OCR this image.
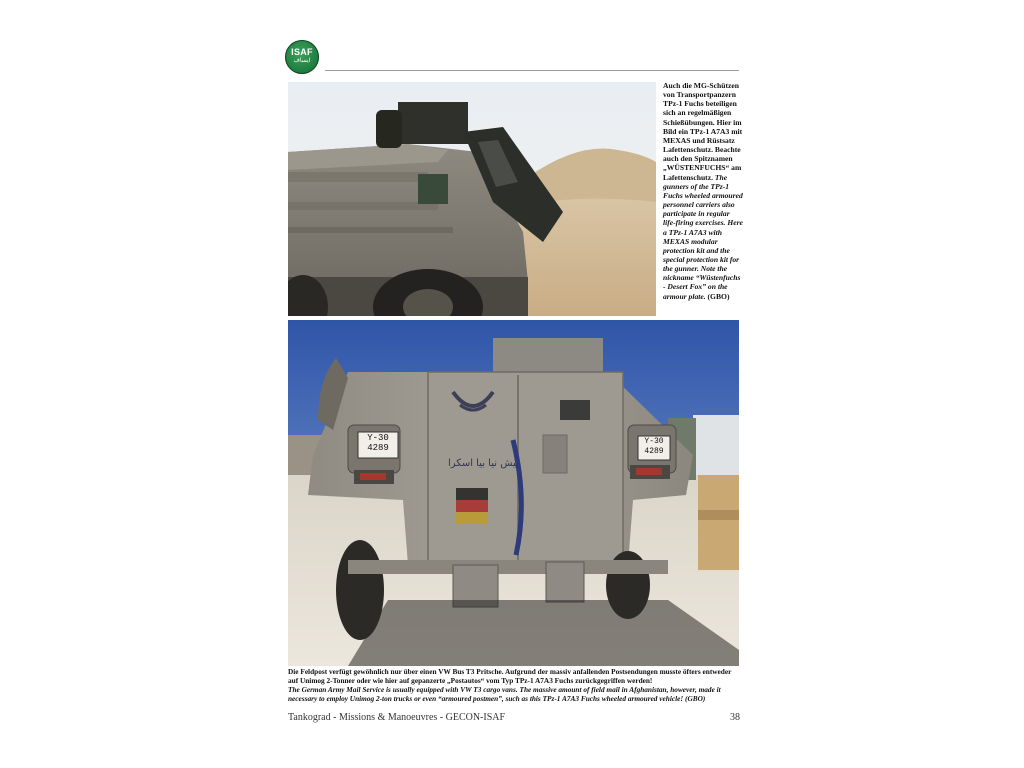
ISAF
ایساف
Auch die MG-Schützen von Transportpanzern TPz-1 Fuchs beteiligen sich an regelmäßigen Schießübungen. Hier im Bild ein TPz-1 A7A3 mit MEXAS und Rüstsatz Lafettenschutz. Beachte auch den Spitznamen „WÜSTENFUCHS“ am Lafettenschutz. The gunners of the TPz-1 Fuchs wheeled armoured personnel carriers also participate in regular life-firing exercises. Here a TPz-1 A7A3 with MEXAS modular protection kit and the special protection kit for the gunner. Note the nickname “Wüstenfuchs - Desert Fox” on the armour plate. (GBO)
Y-30
4289
Y-30
4289
پیش نیا بیا اسکرا
Die Feldpost verfügt gewöhnlich nur über einen VW Bus T3 Pritsche. Aufgrund der massiv anfallenden Postsendungen musste öfters entweder auf Unimog 2-Tonner oder wie hier auf gepanzerte „Postautos“ vom Typ TPz-1 A7A3 Fuchs zurückgegriffen werden!
The German Army Mail Service is usually equipped with VW T3 cargo vans. The massive amount of field mail in Afghanistan, however, made it necessary to employ Unimog 2-ton trucks or even “armoured postmen”, such as this TPz-1 A7A3 Fuchs wheeled armoured vehicle! (GBO)
Tankograd - Missions & Manoeuvres - GECON-ISAF	38
